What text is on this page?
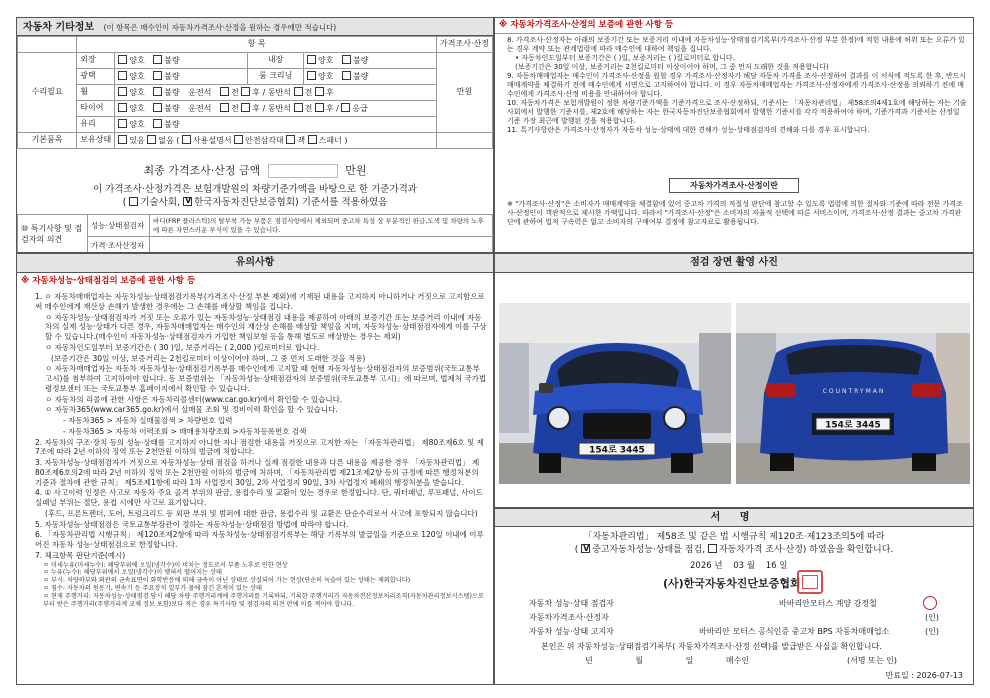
자동차 기타정보 (이 항목은 매수인이 자동차가격조사·산정을 원하는 경우에만 적습니다)
	항 목				가격조사·산정
수리필요	외장	양호 불량	내장	양호 불량	만원
	광택	양호 불량	룸 크리닝	양호 불량	
	휠	양호 불량 운전석 전 후 / 동반석 전 후			
	타이어	양호 불량 운전석 전 후 / 동반석 전 후 / 응급			
	유리	양호 불량			
기본품목	보유상태	있음 없음 ( 사용설명서 안전삼각대 잭 스패너 )			
최종 가격조사·산정 금액	만원
이 가격조사·산정가격은 보험개발원의 차량기준가액을 바탕으로 한 기준가격과
( 기술사회, V한국자동차진단보증협회) 기준서를 적용하였음
⑩ 특기사항 및 점검자의 의견	성능·상태점검자	바디(FRP 플라스틱)의 탈부착 가능 부품은 점검사항에서 제외되며 중고차 특성 상 부분적인 판금,도색 및 차량의 노후에 따른 자연스러운 부식이 있을 수 있습니다.
	가격·조사산정자	
※ 자동차가격조사·산정의 보증에 관한 사항 등

8. 가격조사·산정자는 아래의 보증기간 또는 보증거리 이내에 자동차성능·상태점검기록부(가격조사·산정 부분 한정)에 적힌 내용에 허위 또는 오류가 있는 경우 계약 또는 관계법령에 따라 매수인에 대하여 책임을 집니다.

• 자동차인도일부터 보증기간은 ( )일, 보증거리는 ( )킬로미터로 합니다.

(보증기간은 30일 이상, 보증거리는 2천킬로미터 이상이어야 하며, 그 중 먼저 도래한 것을 적용합니다)

9. 자동차매매업자는 매수인이 가격조사·산정을 원할 경우 가격조사·산정자가 해당 자동차 가격을 조사·산정하여 결과를 이 서식에 적도록 한 후, 반드시 매매계약을 체결하기 전에 매수인에게 서면으로 고지하여야 합니다. 이 경우 자동차매매업자는 가격조사·산정자에게 가격조사·산정을 의뢰하기 전에 매수인에게 가격조사·산정 비용을 안내하여야 합니다.

10. 자동차가격은 보험개발원이 정한 차량기준가액을 기준가격으로 조사·산정하되, 기준서는 「자동차관리법」 제58조의4제1호에 해당하는 자는 기술사회에서 발행한 기준서를, 제2호에 해당하는 자는 한국자동차진단보증협회에서 발행한 기준서를 각각 적용하여야 하며, 기준가격과 기준서는 산정일 기준 가장 최근에 발행된 것을 적용합니다.

11. 특기사항란은 가격조사·산정자가 자동차 성능·상태에 대한 견해가 성능·상태점검자의 견해와 다를 경우 표시합니다.

자동차가격조사·산정이란
※ "가격조사·산정"은 소비자가 매매계약을 체결함에 있어 중고차 가격의 적절성 판단에 참고할 수 있도록 법령에 의한 절차와 기준에 따라 전문 가격조사·산정인이 객관적으로 제시한 가액입니다. 따라서 "가격조사·산정"은 소비자의 자율적 선택에 따른 서비스이며, 가격조사·산정 결과는 중고차 가격판단에 관하여 법적 구속력은 없고 소비자의 구매여부 결정에 참고자료로 활용됩니다.
유의사항
※ 자동차성능·상태점검의 보증에 관한 사항 등

1. ㅇ 자동차매매업자는 자동차성능·상태점검기록부(가격조사·산정 부분 제외)에 기재된 내용을 고지하지 아니하거나 거짓으로 고지함으로써 매수인에게 재산상 손해가 발생한 경우에는 그 손해를 배상할 책임을 집니다.

ㅇ 자동차성능·상태점검자가 거짓 또는 오류가 있는 자동차성능·상태점검 내용을 제공하여 아래의 보증기간 또는 보증거리 이내에 자동차의 실제 성능·상태가 다른 경우, 자동차매매업자는 매수인의 재산상 손해를 배상할 책임을 지며, 자동차성능·상태점검자에게 이를 구상할 수 있습니다.(매수인이 자동차성능·상태점검자가 가입한 책임보험 등을 통해 별도로 배상받는 경우는 제외)

ㅇ 자동차인도일부터 보증기간은 ( 30 )일, 보증거리는 ( 2,000 )킬로미터로 합니다.

(보증기간은 30일 이상, 보증거리는 2천킬로미터 이상이어야 하며, 그 중 먼저 도래한 것을 적용)

ㅇ 자동차매매업자는 자동차 자동차성능·상태점검기록부를 매수인에게 고지할 때 현행 자동차성능·상태점검자의 보증범위(국토교통부 고시)를 첨부하여 고지하여야 합니다. 동 보증범위는 「자동차성능·상태점검자의 보증범위(국토교통부 고시)」에 따르며, 법제처 국가법령정보센터 또는 국토교통부 홈페이지에서 확인할 수 있습니다.

ㅇ 자동차의 리콜에 관한 사항은 자동차리콜센터(www.car.go.kr)에서 확인할 수 있습니다.

ㅇ 자동차365(www.car365.go.kr)에서 실매물 조회 및 정비이력 확인을 할 수 있습니다.

- 자동차365 > 자동차 실매물검색 > 차량번호 입력

- 자동차365 > 자동차 이력조회 > 매매용차량조회 >자동차등록번호 검색

2. 자동차의 구조·장치 등의 성능·상태를 고지하지 아니한 자나 점검한 내용을 거짓으로 고지한 자는 「자동차관리법」 제80조제6호 및 제7조에 따라 2년 이하의 징역 또는 2천만원 이하의 벌금에 처합니다.

3. 자동차성능·상태점검자가 거짓으로 자동차성능·상태 점검을 하거나 실제 점검한 내용과 다른 내용을 제공한 경우 「자동차관리법」 제80조제6호의2에 따라 2년 이하의 징역 또는 2천만원 이하의 벌금에 처하며, 「자동차관리법 제21조제2항 등의 규정에 따른 행정처분의 기준과 절차에 관한 규칙」 제5조제1항에 따라 1차 사업정지 30일, 2차 사업정지 90일, 3차 사업정지 폐쇄의 행정처분을 받습니다.

4. ① 사고이력 인정은 사고로 자동차 주요 골격 부위의 판금, 용접수리 및 교환이 있는 경우로 한정합니다. 단, 쿼터패널, 루프패널, 사이드실패널 부위는 절단, 용접 시에만 사고로 표기합니다.

(후드, 프론트펜더, 도어, 트렁크리드 등 외판 부위 및 범퍼에 대한 판금, 용접수리 및 교환은 단순수리로서 사고에 포함되지 않습니다)

5. 자동차성능·상태점검은 국토교통부장관이 정하는 자동차성능·상태점검 방법에 따라야 합니다.

6. 「자동차관리법 시행규칙」 제120조제2항에 따라 자동차성능·상태점검기록부는 해당 기록부의 발급일을 기준으로 120일 이내에 이루어진 자동차 성능·상태점검으로 한정합니다.

7. 체크항목 판단기준(예시)

ㅇ 미세누유(미세누수): 해당부위에 오일(냉각수)이 비치는 정도로서 부품 노후로 인한 현상

ㅇ 누유(누수): 해당부위에서 오일(냉각수)이 맺혀서 떨어지는 상태

ㅇ 부식: 차량하부와 외판의 금속표면이 화학반응에 의해 금속이 아닌 상태로 상실되어 가는 현상(단순히 녹슬어 있는 상태는 제외합니다)

ㅇ 침수: 자동차의 원동기, 변속기 등 주요장치 일부가 물에 잠긴 흔적이 있는 상태

ㅇ 현재 주행거리: 자동차성능·상태점검 당시 해당 차량 주행거리계에 주행거리를 기록하되, 기록한 주행거리가 자동차전산정보처리조직(자동차관리정보시스템)으로부터 받은 주행거리(주행거리계 교체 정보 포함)보다 적은 경우 특기사항 및 점검자의 의견 란에 이를 적어야 합니다.

점검 장면 촬영 사진
154로 3445
COUNTRYMAN
154로 3445
서 명
「자동차관리법」 제58조 및 같은 법 시행규칙 제120조·제123조의5에 따라
( V 중고자동차성능·상태를 점검, 자동차가격 조사·산정) 하였음을 확인합니다.
2026 년 03 월 16 일
(사)한국자동차진단보증협회
자동차 성능·상태 점검자	바바리안모터스 계양 강정철
자동차가격조사·산정자	(인)
자동차 성능·상태 고지자	바바리안 모터스 공식인증 중고차 BPS 자동차매매업소	(인)
본인은 위 자동차성능·상태점검기록부( 자동차가격조사·산정 선택)를 발급받은 사실을 확인합니다.
년	월	일	매수인	(서명 또는 인)
만료일 : 2026-07-13
